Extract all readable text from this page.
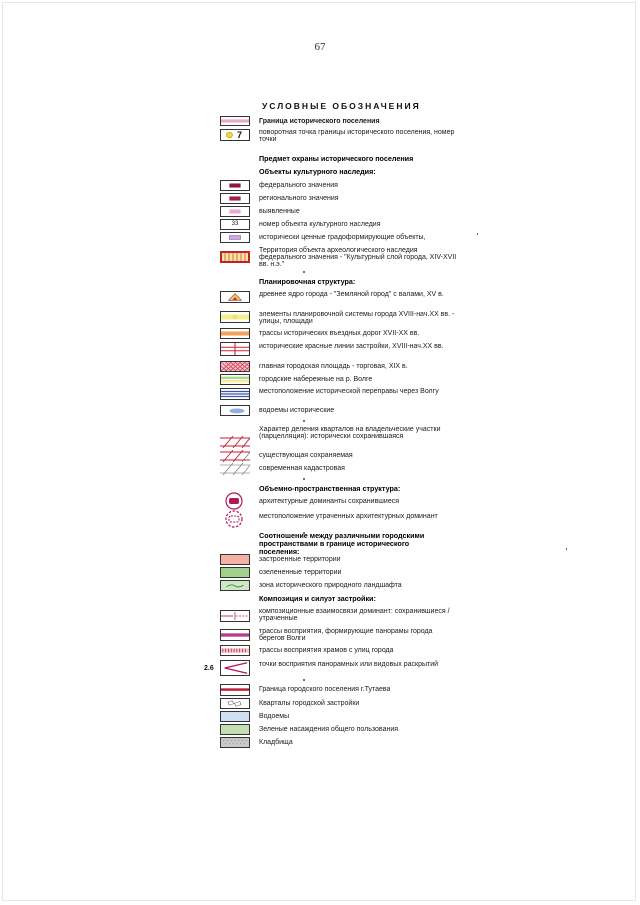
67
УСЛОВНЫЕ ОБОЗНАЧЕНИЯ
Граница исторического поселения
7 поворотная точка границы исторического поселения, номер точки
Предмет охраны исторического поселения
Объекты культурного наследия:
федерального значения
регионального значения
выявленные
33	номер объекта культурного наследия
исторически ценные градоформирующие объекты,
Территория объекта археологического наследия федерального значения - "Культурный слой города, XIV-XVII вв. н.э."
Планировочная структура:
древнее ядро города - "Земляной город" с валами, XV в.
элементы планировочной системы города XVIII-нач.XX вв. - улицы, площади
трассы исторических въездных дорог XVII-XX вв.
исторические красные линии застройки, XVIII-нач.XX вв.
главная городская площадь - торговая, XIX в.
городские набережные на р. Волге
местоположение исторической переправы через Волгу
водоемы исторические
Характер деления кварталов на владельческие участки (парцелляция): исторически сохранившаяся
существующая сохраняемая
современная кадастровая
Объемно-пространственная структура:
архитектурные доминанты сохранившиеся
местоположение утраченных архитектурных доминант
Соотношение между различными городскими пространствами в границе исторического поселения:
застроенные территории
озелененные территории
зона исторического природного ландшафта
Композиция и силуэт застройки:
композиционные взаимосвязи доминант: сохранившиеся / утраченные
трассы восприятия, формирующие панорамы города берегов Волги
трассы восприятия храмов с улиц города
2.6
точки восприятия панорамных или видовых раскрытий
Граница городского поселения г.Тутаева
Кварталы городской застройки
Водоемы
Зеленые насаждения общего пользования
Кладбища
